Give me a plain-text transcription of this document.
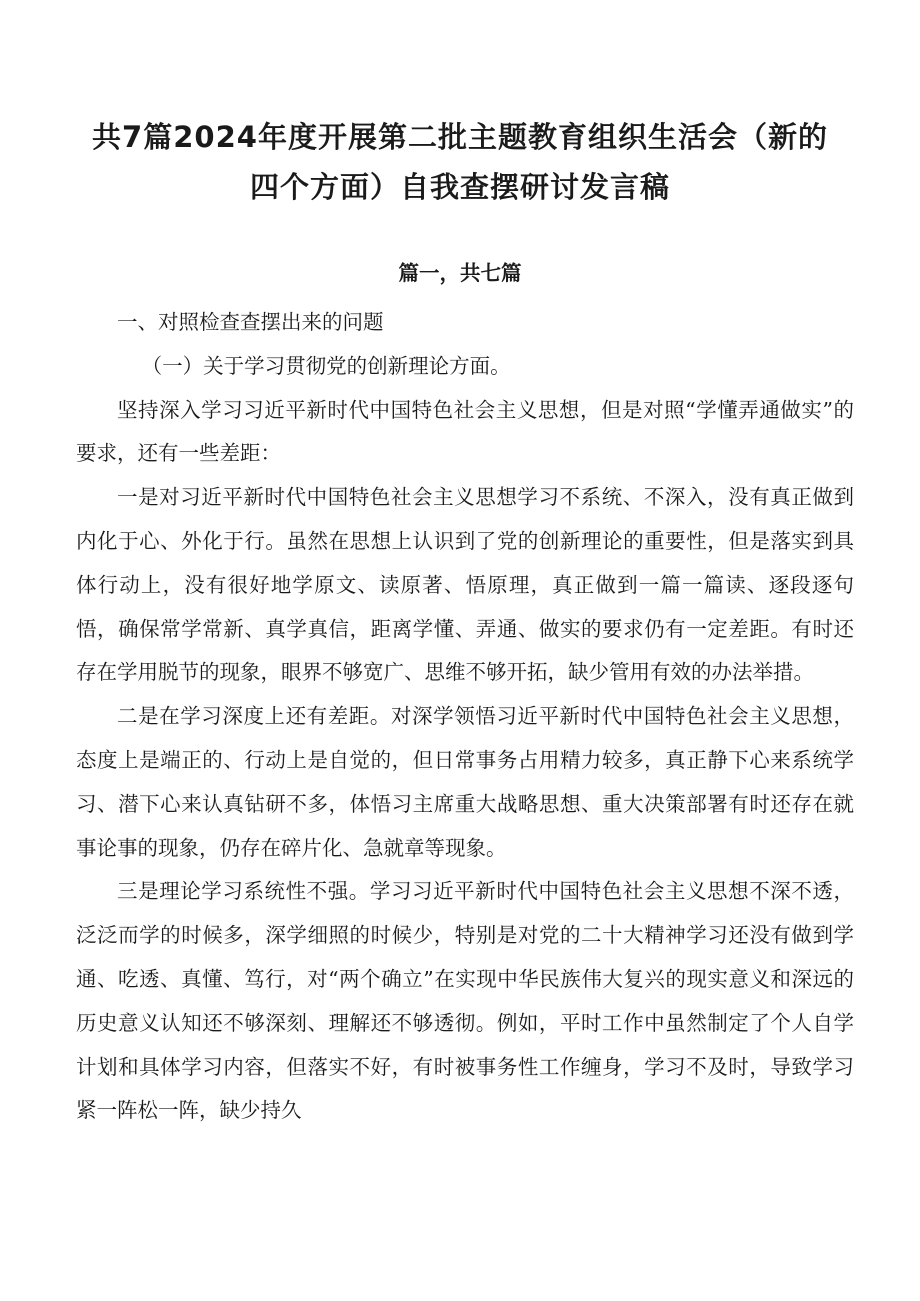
共7篇2024年度开展第二批主题教育组织生活会（新的
四个方面）自我查摆研讨发言稿
篇一，共七篇

一、对照检查查摆出来的问题

（一）关于学习贯彻党的创新理论方面。

坚持深入学习习近平新时代中国特色社会主义思想，但是对照“学懂弄通做实”的要求，还有一些差距：

一是对习近平新时代中国特色社会主义思想学习不系统、不深入，没有真正做到内化于心、外化于行。虽然在思想上认识到了党的创新理论的重要性，但是落实到具体行动上，没有很好地学原文、读原著、悟原理，真正做到一篇一篇读、逐段逐句悟，确保常学常新、真学真信，距离学懂、弄通、做实的要求仍有一定差距。有时还存在学用脱节的现象，眼界不够宽广、思维不够开拓，缺少管用有效的办法举措。

二是在学习深度上还有差距。对深学领悟习近平新时代中国特色社会主义思想，态度上是端正的、行动上是自觉的，但日常事务占用精力较多，真正静下心来系统学习、潜下心来认真钻研不多，体悟习主席重大战略思想、重大决策部署有时还存在就事论事的现象，仍存在碎片化、急就章等现象。

三是理论学习系统性不强。学习习近平新时代中国特色社会主义思想不深不透，泛泛而学的时候多，深学细照的时候少，特别是对党的二十大精神学习还没有做到学通、吃透、真懂、笃行，对“两个确立”在实现中华民族伟大复兴的现实意义和深远的历史意义认知还不够深刻、理解还不够透彻。例如，平时工作中虽然制定了个人自学计划和具体学习内容，但落实不好，有时被事务性工作缠身，学习不及时，导致学习紧一阵松一阵，缺少持久
